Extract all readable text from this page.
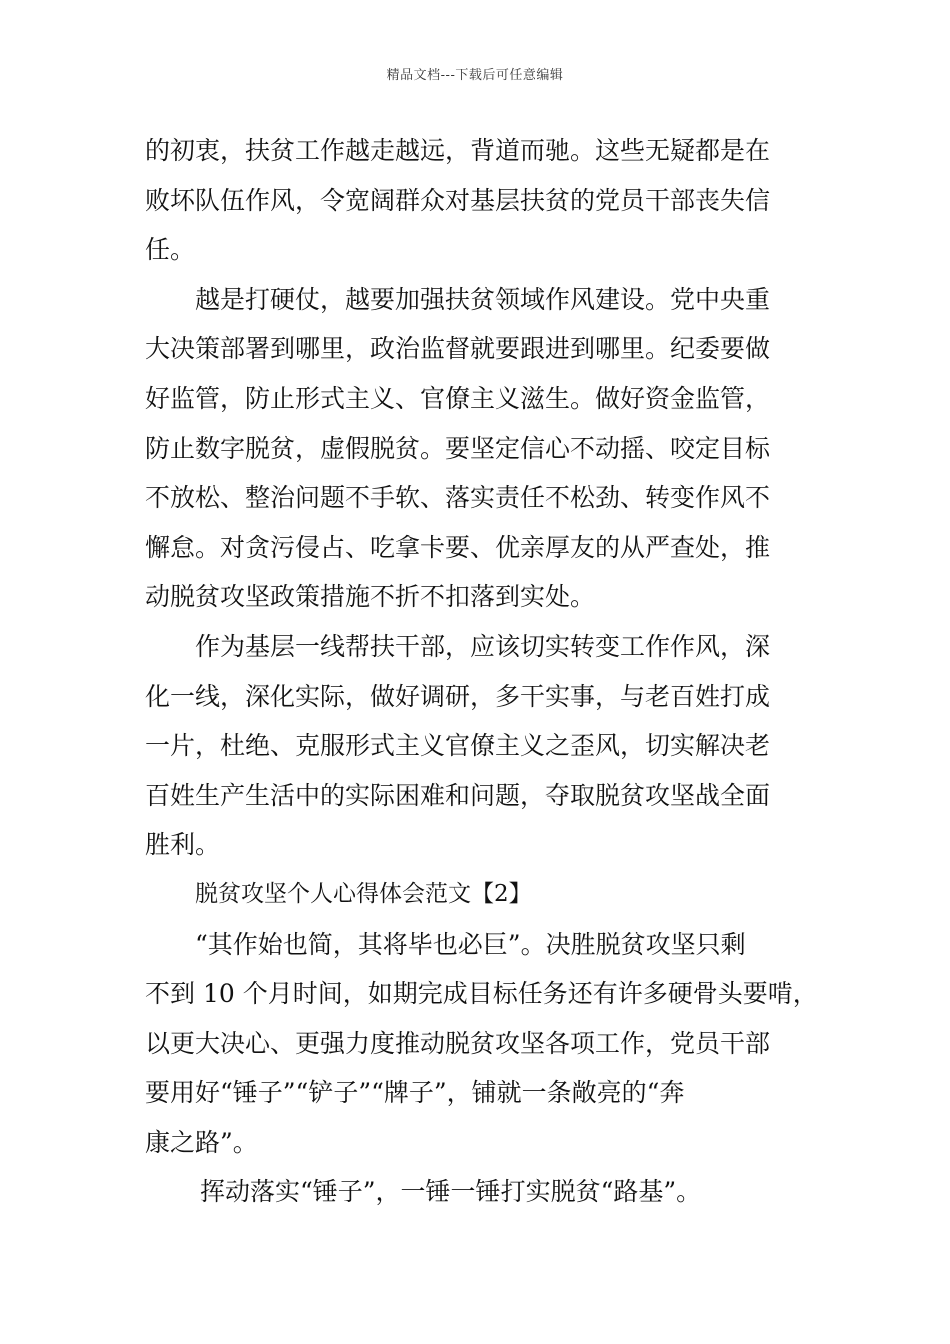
精品文档---下载后可任意编辑
的初衷，扶贫工作越走越远，背道而驰。这些无疑都是在
败坏队伍作风，令宽阔群众对基层扶贫的党员干部丧失信
任。
越是打硬仗，越要加强扶贫领域作风建设。党中央重
大决策部署到哪里，政治监督就要跟进到哪里。纪委要做
好监管，防止形式主义、官僚主义滋生。做好资金监管，
防止数字脱贫，虚假脱贫。要坚定信心不动摇、咬定目标
不放松、整治问题不手软、落实责任不松劲、转变作风不
懈怠。对贪污侵占、吃拿卡要、优亲厚友的从严查处，推
动脱贫攻坚政策措施不折不扣落到实处。
作为基层一线帮扶干部，应该切实转变工作作风，深
化一线，深化实际，做好调研，多干实事，与老百姓打成
一片，杜绝、克服形式主义官僚主义之歪风，切实解决老
百姓生产生活中的实际困难和问题，夺取脱贫攻坚战全面
胜利。
脱贫攻坚个人心得体会范文【2】
“其作始也简，其将毕也必巨”。决胜脱贫攻坚只剩
不到 10 个月时间，如期完成目标任务还有许多硬骨头要啃，
以更大决心、更强力度推动脱贫攻坚各项工作，党员干部
要用好“锤子”“铲子”“牌子”，铺就一条敞亮的“奔
康之路”。
挥动落实“锤子”，一锤一锤打实脱贫“路基”。
